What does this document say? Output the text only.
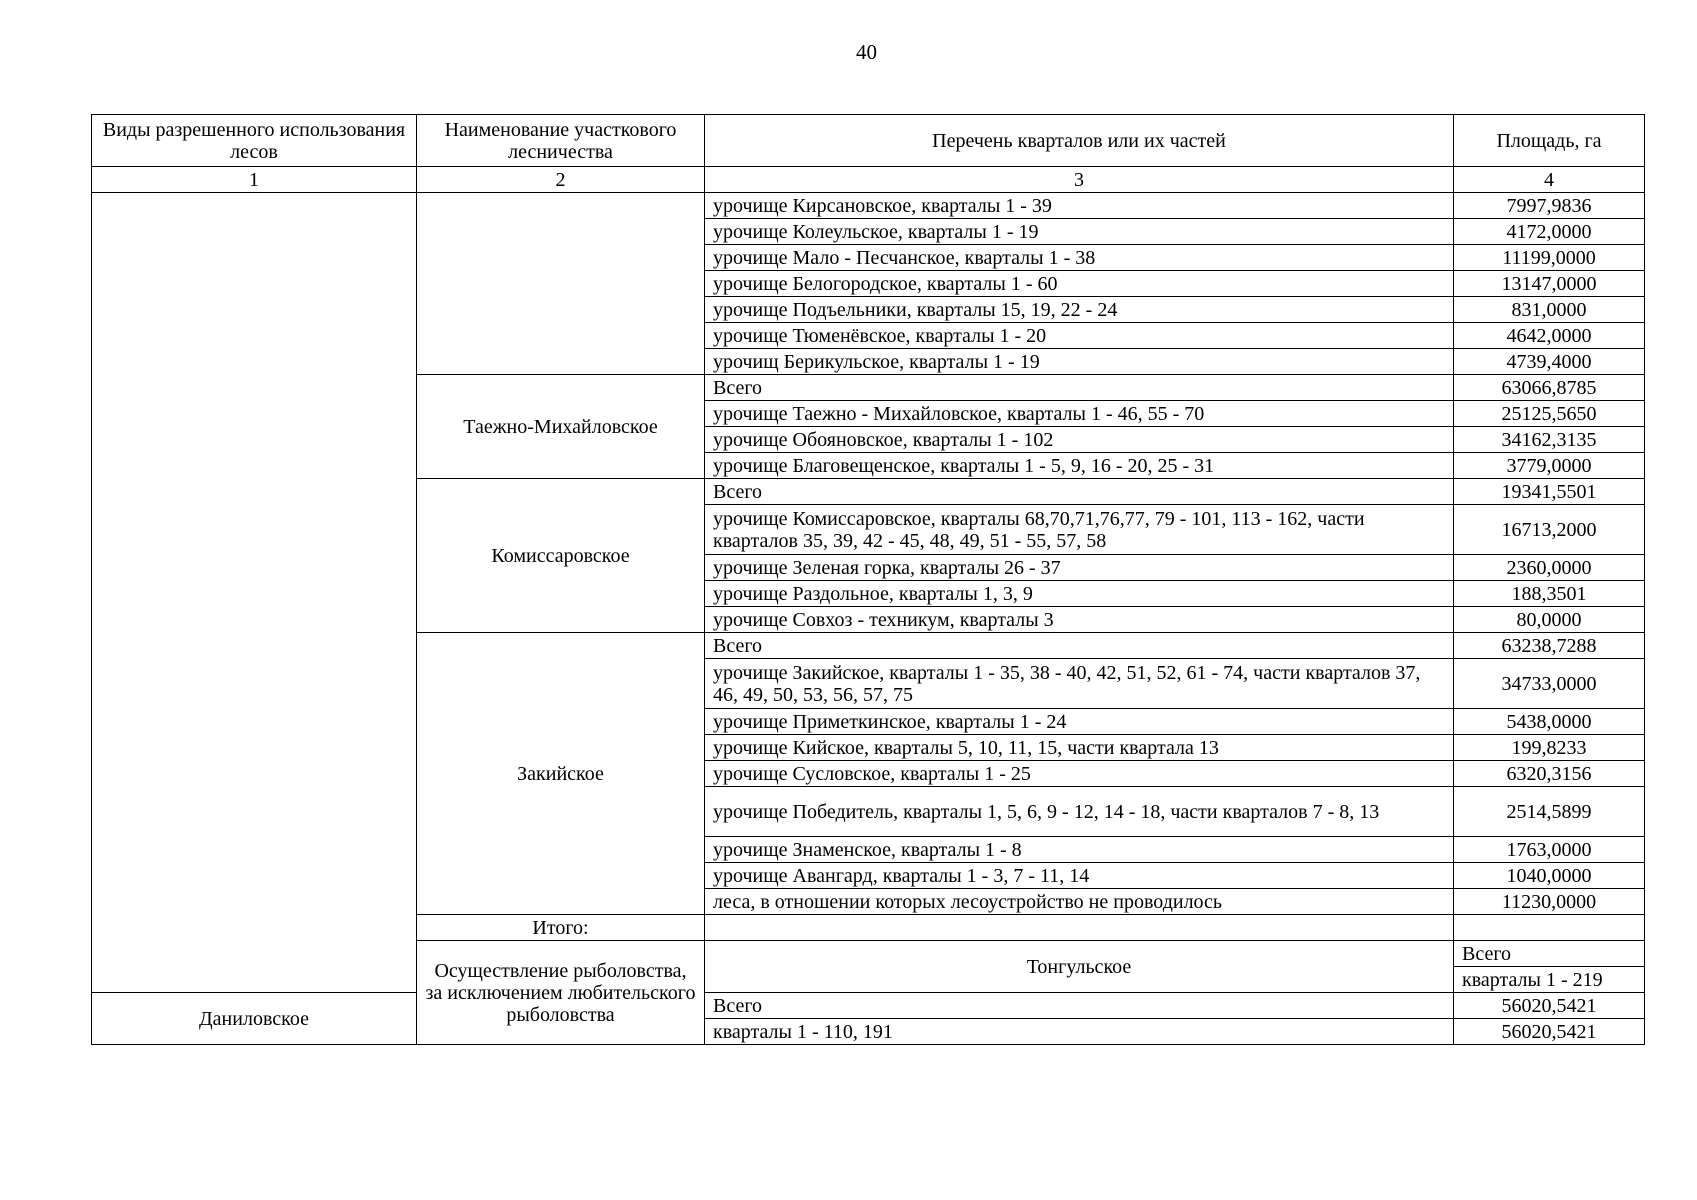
40
Виды разрешенного использования лесов	Наименование участкового лесничества	Перечень кварталов или их частей	Площадь, га	
1	2	3	4	
		урочище Кирсановское, кварталы 1 - 39	7997,9836	
		урочище Колеульское, кварталы 1 - 19	4172,0000	
		урочище Мало - Песчанское, кварталы 1 - 38	11199,0000	
		урочище Белогородское, кварталы 1 - 60	13147,0000	
		урочище Подъельники, кварталы 15, 19, 22 - 24	831,0000	
		урочище Тюменёвское, кварталы 1 - 20	4642,0000	
		урочищ Берикульское, кварталы 1 - 19	4739,4000	
	Таежно-Михайловское	Всего	63066,8785	
		урочище Таежно - Михайловское, кварталы 1 - 46, 55 - 70	25125,5650	
		урочище Обояновское, кварталы 1 - 102	34162,3135	
		урочище Благовещенское, кварталы 1 - 5, 9, 16 - 20, 25 - 31	3779,0000	
	Комиссаровское	Всего	19341,5501	
		урочище Комиссаровское, кварталы 68,70,71,76,77, 79 - 101, 113 - 162, части кварталов 35, 39, 42 - 45, 48, 49, 51 - 55, 57, 58	16713,2000	
		урочище Зеленая горка, кварталы 26 - 37	2360,0000	
		урочище Раздольное, кварталы 1, 3, 9	188,3501	
		урочище Совхоз - техникум, кварталы 3	80,0000	
	Закийское	Всего	63238,7288	
		урочище Закийское, кварталы 1 - 35, 38 - 40, 42, 51, 52, 61 - 74, части кварталов 37, 46, 49, 50, 53, 56, 57, 75	34733,0000	
		урочище Приметкинское, кварталы 1 - 24	5438,0000	
		урочище Кийское, кварталы 5, 10, 11, 15, части квартала 13	199,8233	
		урочище Сусловское, кварталы 1 - 25	6320,3156	
		урочище Победитель, кварталы 1, 5, 6, 9 - 12, 14 - 18, части кварталов 7 - 8, 13	2514,5899	
		урочище Знаменское, кварталы 1 - 8	1763,0000	
		урочище Авангард, кварталы 1 - 3, 7 - 11, 14	1040,0000	
		леса, в отношении которых лесоустройство не проводилось	11230,0000	
	Итого:			
	Осуществление рыболовства, за исключением любительского рыболовства	Тонгульское	Всего	
			кварталы 1 - 219	
Даниловское		Всего	56020,5421	
		кварталы 1 - 110, 191	56020,5421	
